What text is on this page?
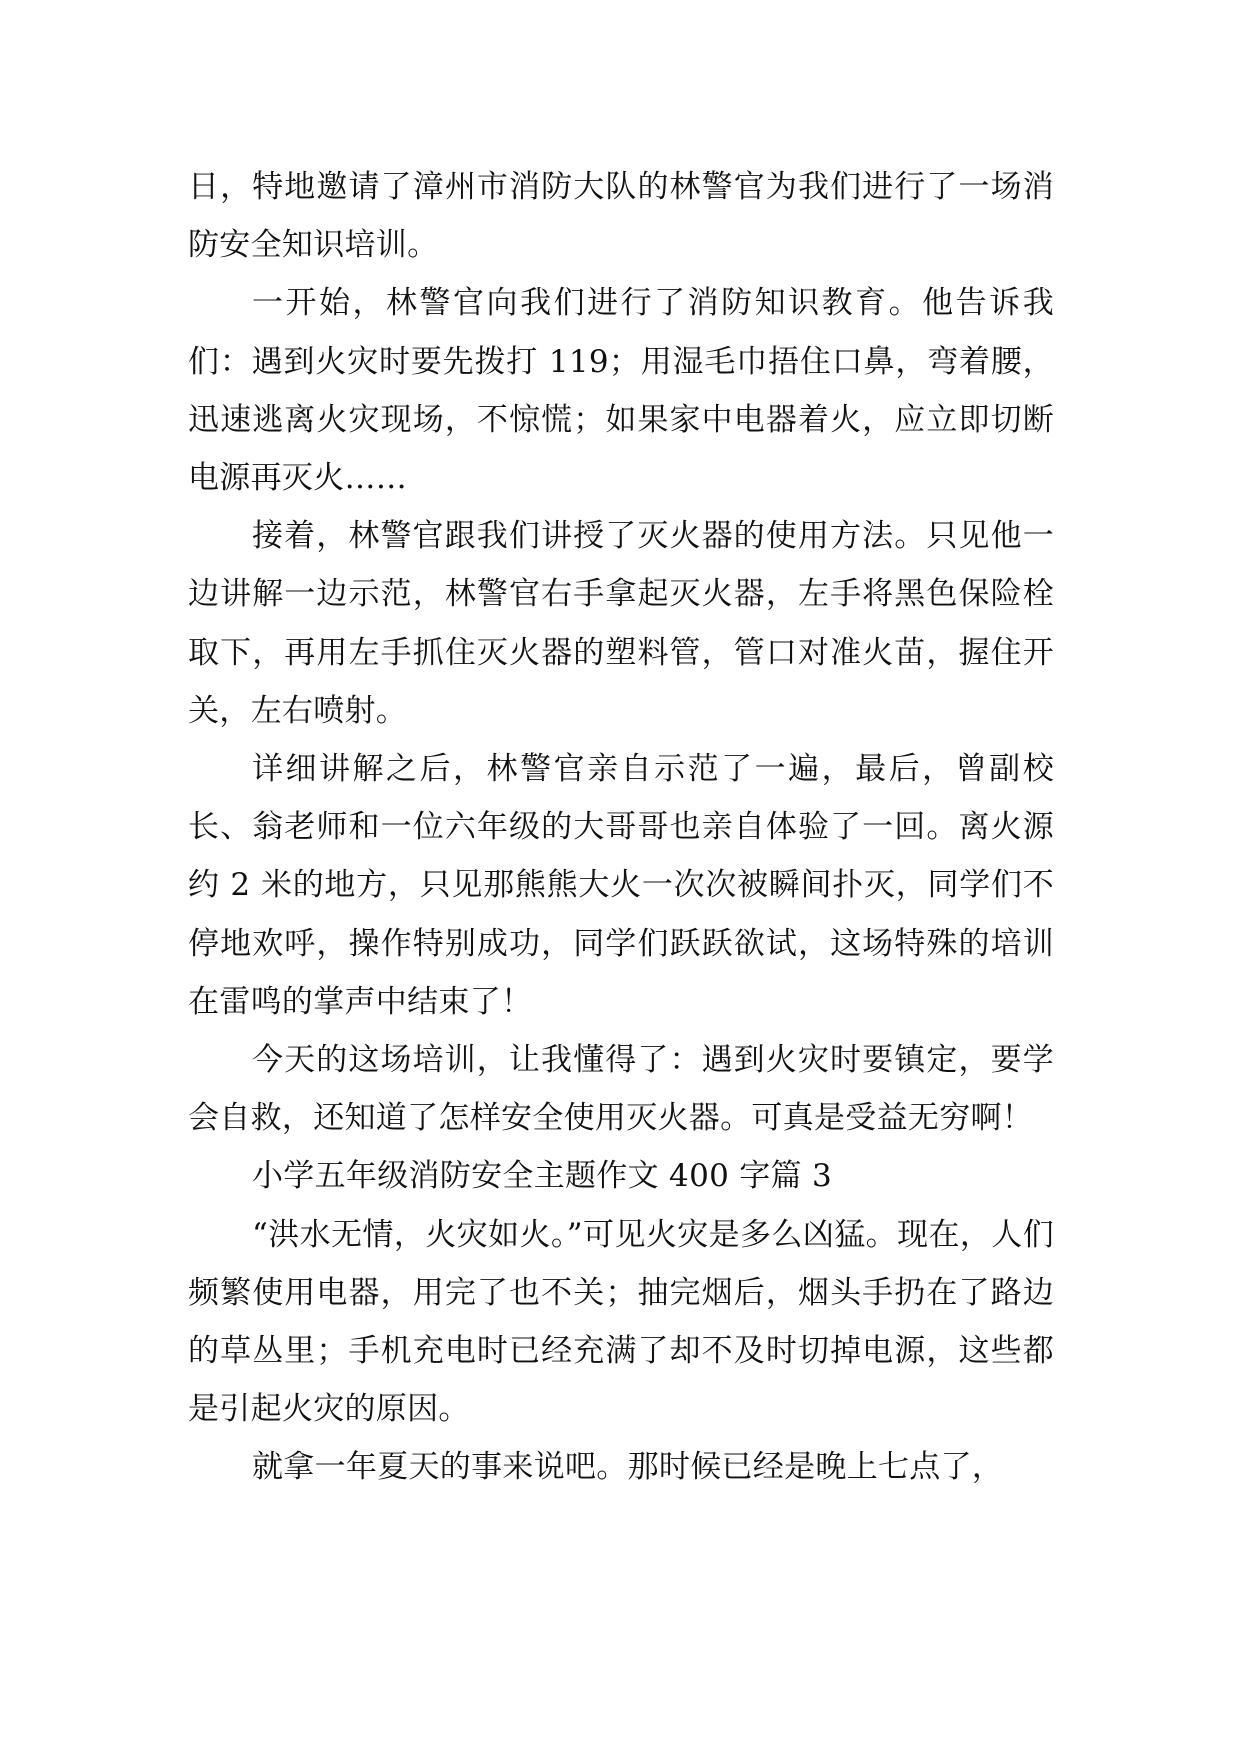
日，特地邀请了漳州市消防大队的林警官为我们进行了一场消防安全知识培训。

一开始，林警官向我们进行了消防知识教育。他告诉我们：遇到火灾时要先拨打 119；用湿毛巾捂住口鼻，弯着腰，迅速逃离火灾现场，不惊慌；如果家中电器着火，应立即切断电源再灭火……

接着，林警官跟我们讲授了灭火器的使用方法。只见他一边讲解一边示范，林警官右手拿起灭火器，左手将黑色保险栓取下，再用左手抓住灭火器的塑料管，管口对准火苗，握住开关，左右喷射。

详细讲解之后，林警官亲自示范了一遍，最后，曾副校长、翁老师和一位六年级的大哥哥也亲自体验了一回。离火源约 2 米的地方，只见那熊熊大火一次次被瞬间扑灭，同学们不停地欢呼，操作特别成功，同学们跃跃欲试，这场特殊的培训在雷鸣的掌声中结束了！

今天的这场培训，让我懂得了：遇到火灾时要镇定，要学会自救，还知道了怎样安全使用灭火器。可真是受益无穷啊！

小学五年级消防安全主题作文 400 字篇 3

“洪水无情，火灾如火。”可见火灾是多么凶猛。现在，人们频繁使用电器，用完了也不关；抽完烟后，烟头手扔在了路边的草丛里；手机充电时已经充满了却不及时切掉电源，这些都是引起火灾的原因。

就拿一年夏天的事来说吧。那时候已经是晚上七点了，
